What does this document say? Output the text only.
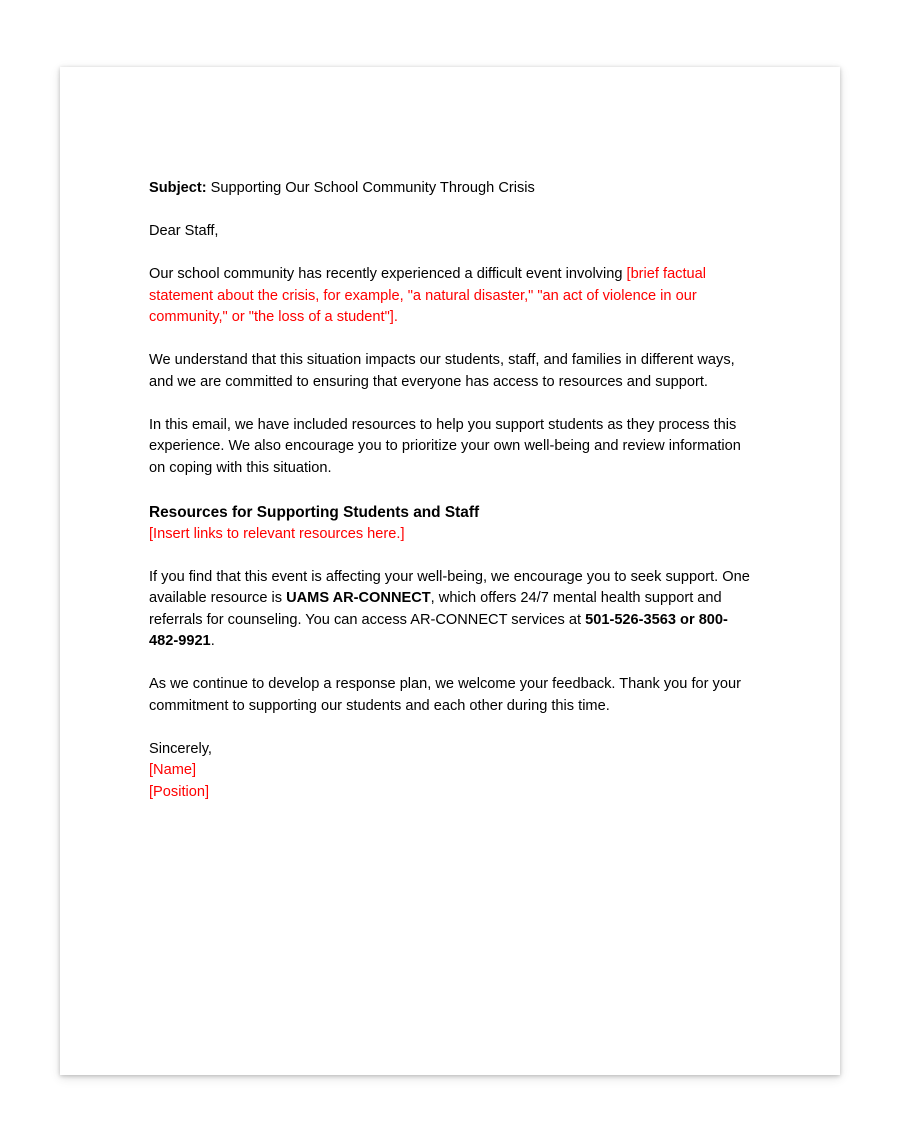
Subject: Supporting Our School Community Through Crisis

Dear Staff,

Our school community has recently experienced a difficult event involving [brief factual statement about the crisis, for example, "a natural disaster," "an act of violence in our community," or "the loss of a student"].

We understand that this situation impacts our students, staff, and families in different ways, and we are committed to ensuring that everyone has access to resources and support.

In this email, we have included resources to help you support students as they process this experience. We also encourage you to prioritize your own well-being and review information on coping with this situation.

Resources for Supporting Students and Staff

[Insert links to relevant resources here.]

If you find that this event is affecting your well-being, we encourage you to seek support. One available resource is UAMS AR-CONNECT, which offers 24/7 mental health support and referrals for counseling. You can access AR-CONNECT services at 501-526-3563 or 800-482-9921.

As we continue to develop a response plan, we welcome your feedback. Thank you for your commitment to supporting our students and each other during this time.

Sincerely,
[Name]
[Position]
